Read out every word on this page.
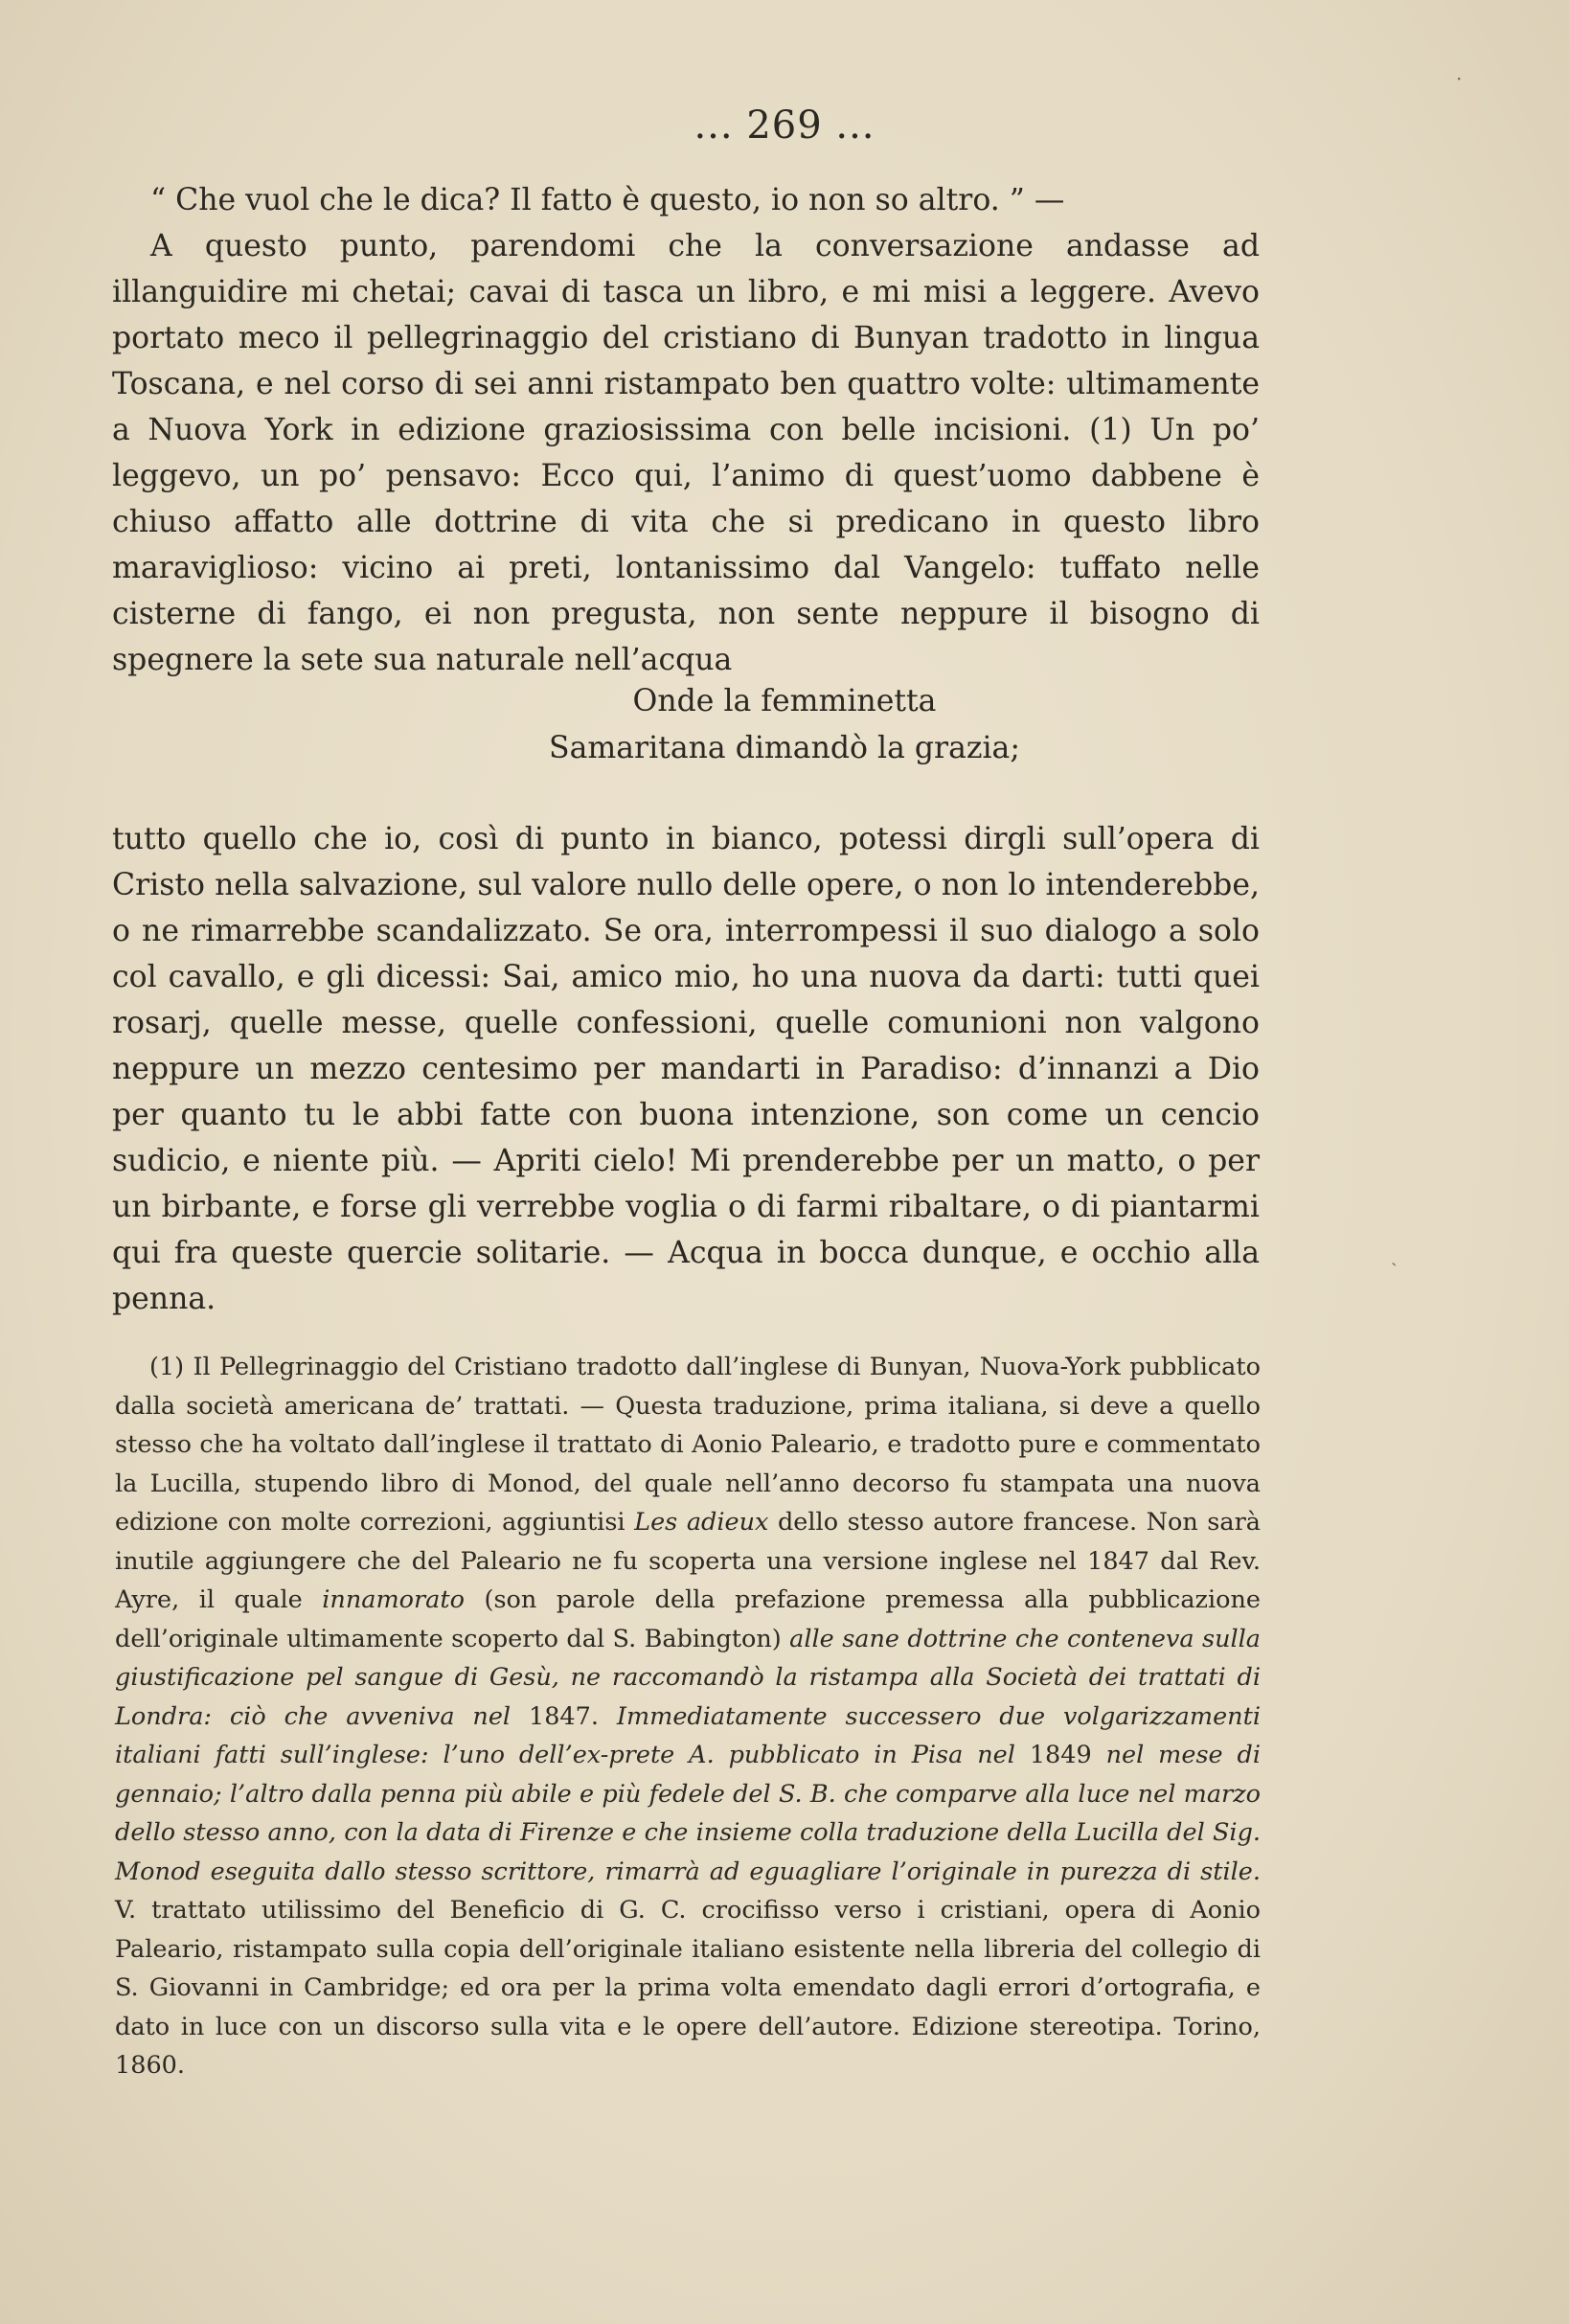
... 269 ...

“ Che vuol che le dica? Il fatto è questo, io non so altro. ” —

A questo punto, parendomi che la conversazione andasse ad illanguidire mi chetai; cavai di tasca un libro, e mi misi a leggere. Avevo portato meco il pellegrinaggio del cristiano di Bunyan tradotto in lingua Toscana, e nel corso di sei anni ristampato ben quattro volte: ultimamente a Nuova York in edizione graziosissima con belle incisioni. (1) Un po’ leggevo, un po’ pensavo: Ecco qui, l’animo di quest’uomo dabbene è chiuso affatto alle dottrine di vita che si predicano in questo libro maraviglioso: vicino ai preti, lontanissimo dal Vangelo: tuffato nelle cisterne di fango, ei non pregusta, non sente neppure il bisogno di spegnere la sete sua naturale nell’acqua

Onde la femminetta
Samaritana dimandò la grazia;

tutto quello che io, così di punto in bianco, potessi dirgli sull’opera di Cristo nella salvazione, sul valore nullo delle opere, o non lo intenderebbe, o ne rimarrebbe scandalizzato. Se ora, interrompessi il suo dialogo a solo col cavallo, e gli dicessi: Sai, amico mio, ho una nuova da darti: tutti quei rosarj, quelle messe, quelle confessioni, quelle comunioni non valgono neppure un mezzo centesimo per mandarti in Paradiso: d’innanzi a Dio per quanto tu le abbi fatte con buona intenzione, son come un cencio sudicio, e niente più. — Apriti cielo! Mi prenderebbe per un matto, o per un birbante, e forse gli verrebbe voglia o di farmi ribaltare, o di piantarmi qui fra queste quercie solitarie. — Acqua in bocca dunque, e occhio alla penna.

(1) Il Pellegrinaggio del Cristiano tradotto dall’inglese di Bunyan, Nuova-York pubblicato dalla società americana de’ trattati. — Questa traduzione, prima italiana, si deve a quello stesso che ha voltato dall’inglese il trattato di Aonio Paleario, e tradotto pure e commentato la Lucilla, stupendo libro di Monod, del quale nell’anno decorso fu stampata una nuova edizione con molte correzioni, aggiuntisi Les adieux dello stesso autore francese. Non sarà inutile aggiungere che del Paleario ne fu scoperta una versione inglese nel 1847 dal Rev. Ayre, il quale innamorato (son parole della prefazione premessa alla pubblicazione dell’originale ultimamente scoperto dal S. Babington) alle sane dottrine che conteneva sulla giustificazione pel sangue di Gesù, ne raccomandò la ristampa alla Società dei trattati di Londra: ciò che avveniva nel 1847. Immediatamente successero due volgarizzamenti italiani fatti sull’inglese: l’uno dell’ex-prete A. pubblicato in Pisa nel 1849 nel mese di gennaio; l’altro dalla penna più abile e più fedele del S. B. che comparve alla luce nel marzo dello stesso anno, con la data di Firenze e che insieme colla traduzione della Lucilla del Sig. Monod eseguita dallo stesso scrittore, rimarrà ad eguagliare l’originale in purezza di stile. V. trattato utilissimo del Beneficio di G. C. crocifisso verso i cristiani, opera di Aonio Paleario, ristampato sulla copia dell’originale italiano esistente nella libreria del collegio di S. Giovanni in Cambridge; ed ora per la prima volta emendato dagli errori d’ortografia, e dato in luce con un discorso sulla vita e le opere dell’autore. Edizione stereotipa. Torino, 1860.

·
ˎ
